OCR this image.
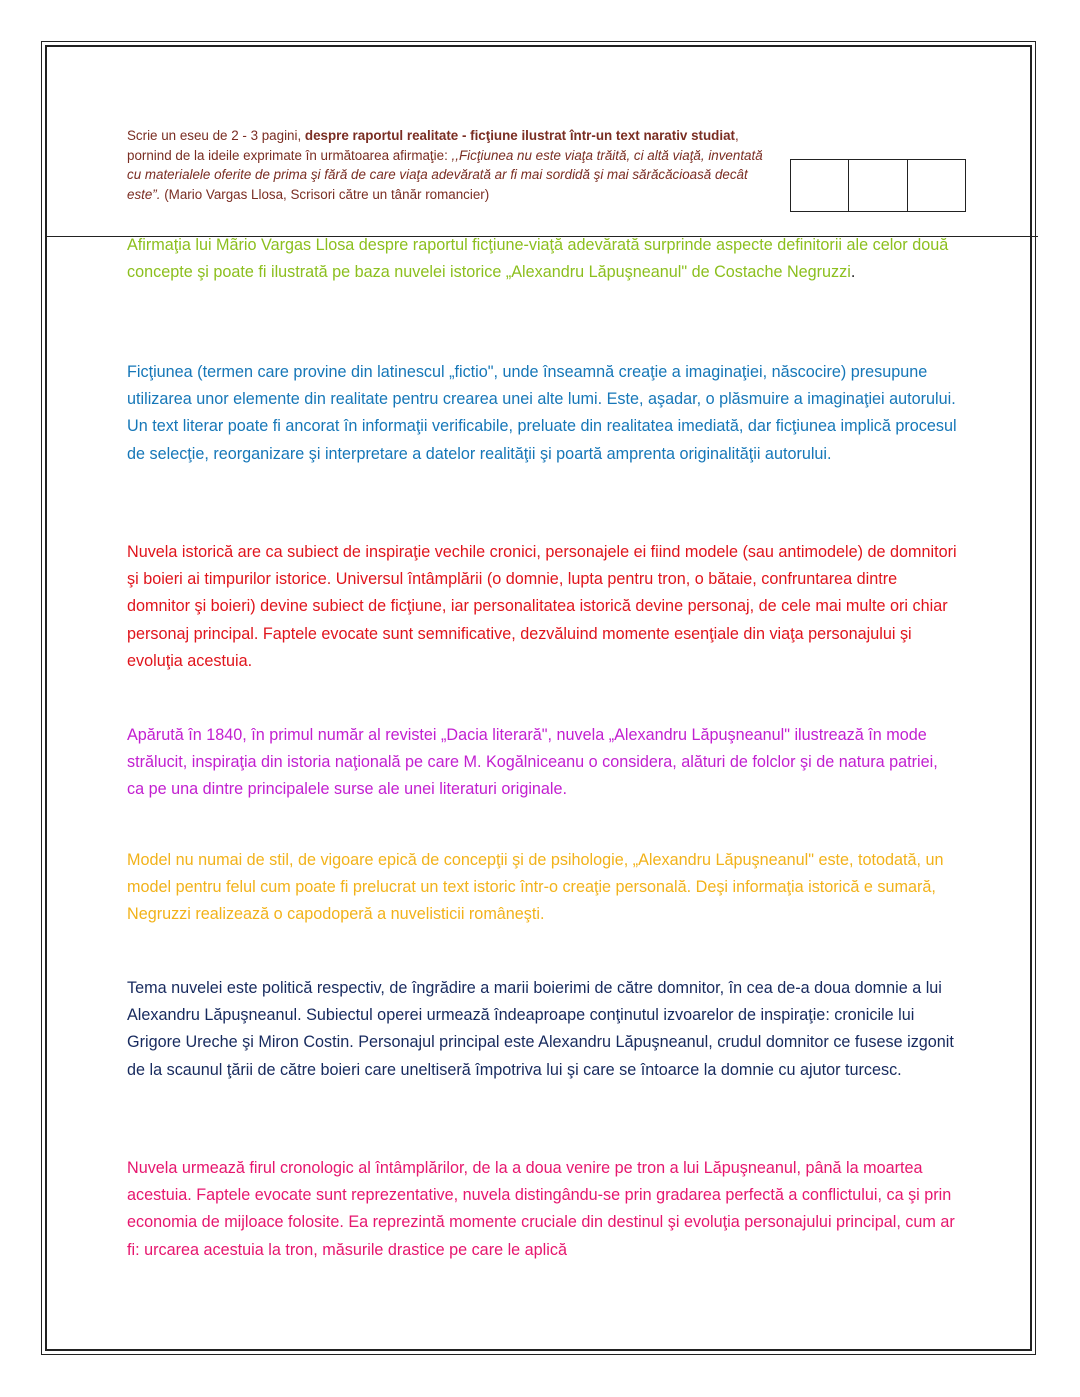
Scrie un eseu de 2 - 3 pagini, despre raportul realitate - ficţiune ilustrat într-un text narativ studiat, pornind de la ideile exprimate în următoarea afirmaţie: ,,Ficţiunea nu este viaţa trăită, ci altă viaţă, inventată cu materialele oferite de prima şi fără de care viaţa adevărată ar fi mai sordidă şi mai sărăcăcioasă decât este”. (Mario Vargas Llosa, Scrisori către un tânăr romancier)

Afirmaţia lui Mãrio Vargas Llosa despre raportul ficţiune-viaţă adevărată surprinde aspecte definitorii ale celor două concepte şi poate fi ilustrată pe baza nuvelei istorice „Alexandru Lăpuşneanul" de Costache Negruzzi.

Ficţiunea (termen care provine din latinescul „fictio", unde înseamnă creaţie a imaginaţiei, născocire) presupune utilizarea unor elemente din realitate pentru crearea unei alte lumi. Este, aşadar, o plăsmuire a imaginaţiei autorului. Un text literar poate fi ancorat în informaţii verificabile, preluate din realitatea imediată, dar ficţiunea implică procesul de selecţie, reorganizare şi interpretare a datelor realităţii şi poartă amprenta originalităţii autorului.

Nuvela istorică are ca subiect de inspiraţie vechile cronici, personajele ei fiind modele (sau antimodele) de domnitori şi boieri ai timpurilor istorice. Universul întâmplării (o domnie, lupta pentru tron, o bătaie, confruntarea dintre domnitor şi boieri) devine subiect de ficţiune, iar personalitatea istorică devine personaj, de cele mai multe ori chiar personaj principal. Faptele evocate sunt semnificative, dezvăluind momente esenţiale din viaţa personajului şi evoluţia acestuia.

Apărută în 1840, în primul număr al revistei „Dacia literară", nuvela „Alexandru Lăpuşneanul" ilustrează în mode strălucit, inspiraţia din istoria naţională pe care M. Kogălniceanu o considera, alături de folclor şi de natura patriei, ca pe una dintre principalele surse ale unei literaturi originale.

Model nu numai de stil, de vigoare epică de concepţii şi de psihologie, „Alexandru Lăpuşneanul" este, totodată, un model pentru felul cum poate fi prelucrat un text istoric într-o creaţie personală. Deşi informaţia istorică e sumară, Negruzzi realizează o capodoperă a nuvelisticii româneşti.

Tema nuvelei este politică respectiv, de îngrădire a marii boierimi de către domnitor, în cea de-a doua domnie a lui Alexandru Lăpuşneanul. Subiectul operei urmează îndeaproape conţinutul izvoarelor de inspiraţie: cronicile lui Grigore Ureche şi Miron Costin. Personajul principal este Alexandru Lăpuşneanul, crudul domnitor ce fusese izgonit de la scaunul ţării de către boieri care uneltiseră împotriva lui şi care se întoarce la domnie cu ajutor turcesc.

Nuvela urmează firul cronologic al întâmplărilor, de la a doua venire pe tron a lui Lăpuşneanul, până la moartea acestuia. Faptele evocate sunt reprezentative, nuvela distingându-se prin gradarea perfectă a conflictului, ca şi prin economia de mijloace folosite. Ea reprezintă momente cruciale din destinul şi evoluţia personajului principal, cum ar fi: urcarea acestuia la tron, măsurile drastice pe care le aplică
